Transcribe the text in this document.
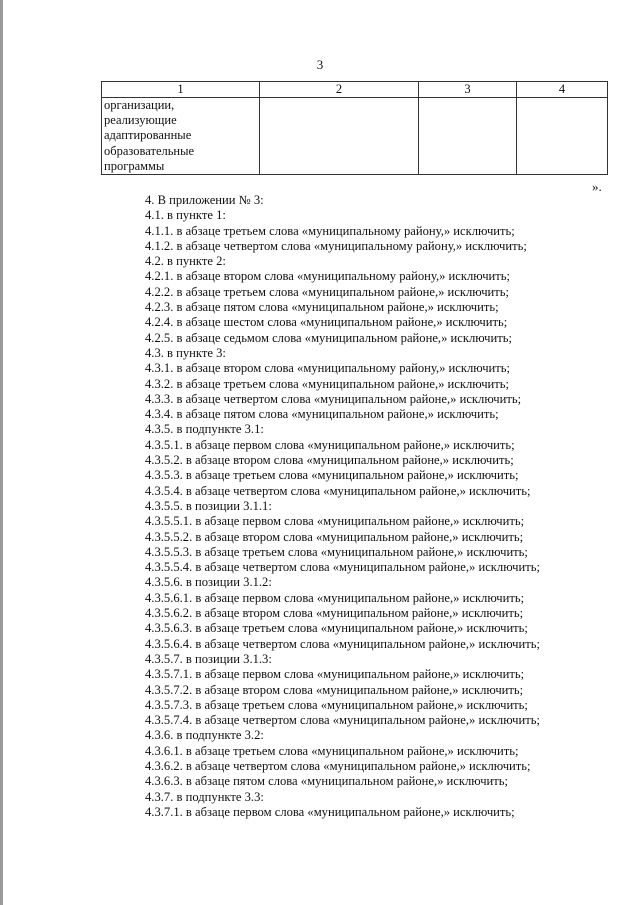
3
1	2	3	4

организации,
реализующие
адаптированные
образовательные
программы			

».
4. В приложении № 3:
4.1. в пункте 1:
4.1.1. в абзаце третьем слова «муниципальному району,» исключить;
4.1.2. в абзаце четвертом слова «муниципальному району,» исключить;
4.2. в пункте 2:
4.2.1. в абзаце втором слова «муниципальному району,» исключить;
4.2.2. в абзаце третьем слова «муниципальном районе,» исключить;
4.2.3. в абзаце пятом слова «муниципальном районе,» исключить;
4.2.4. в абзаце шестом слова «муниципальном районе,» исключить;
4.2.5. в абзаце седьмом слова «муниципальном районе,» исключить;
4.3. в пункте 3:
4.3.1. в абзаце втором слова «муниципальному району,» исключить;
4.3.2. в абзаце третьем слова «муниципальном районе,» исключить;
4.3.3. в абзаце четвертом слова «муниципальном районе,» исключить;
4.3.4. в абзаце пятом слова «муниципальном районе,» исключить;
4.3.5. в подпункте 3.1:
4.3.5.1. в абзаце первом слова «муниципальном районе,» исключить;
4.3.5.2. в абзаце втором слова «муниципальном районе,» исключить;
4.3.5.3. в абзаце третьем слова «муниципальном районе,» исключить;
4.3.5.4. в абзаце четвертом слова «муниципальном районе,» исключить;
4.3.5.5. в позиции 3.1.1:
4.3.5.5.1. в абзаце первом слова «муниципальном районе,» исключить;
4.3.5.5.2. в абзаце втором слова «муниципальном районе,» исключить;
4.3.5.5.3. в абзаце третьем слова «муниципальном районе,» исключить;
4.3.5.5.4. в абзаце четвертом слова «муниципальном районе,» исключить;
4.3.5.6. в позиции 3.1.2:
4.3.5.6.1. в абзаце первом слова «муниципальном районе,» исключить;
4.3.5.6.2. в абзаце втором слова «муниципальном районе,» исключить;
4.3.5.6.3. в абзаце третьем слова «муниципальном районе,» исключить;
4.3.5.6.4. в абзаце четвертом слова «муниципальном районе,» исключить;
4.3.5.7. в позиции 3.1.3:
4.3.5.7.1. в абзаце первом слова «муниципальном районе,» исключить;
4.3.5.7.2. в абзаце втором слова «муниципальном районе,» исключить;
4.3.5.7.3. в абзаце третьем слова «муниципальном районе,» исключить;
4.3.5.7.4. в абзаце четвертом слова «муниципальном районе,» исключить;
4.3.6. в подпункте 3.2:
4.3.6.1. в абзаце третьем слова «муниципальном районе,» исключить;
4.3.6.2. в абзаце четвертом слова «муниципальном районе,» исключить;
4.3.6.3. в абзаце пятом слова «муниципальном районе,» исключить;
4.3.7. в подпункте 3.3:
4.3.7.1. в абзаце первом слова «муниципальном районе,» исключить;
